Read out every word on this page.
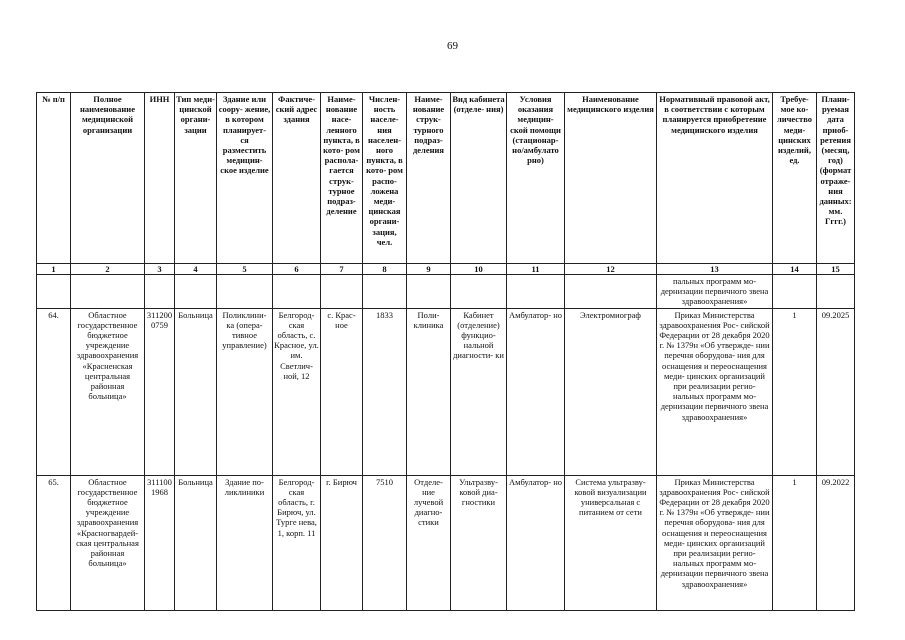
69
№ п/п	Полное наименование медицинской организации	ИНН	Тип меди- цинской органи- зации	Здание или соору- жение, в котором планирует- ся разместить медицин- ское изделие	Фактиче- ский адрес здания	Наиме- нование насе- ленного пункта, в кото- ром распола- гается струк- турное подраз- деление	Числен- ность населе- ния населен- ного пункта, в кото- ром распо- ложена меди- цинская органи- зация, чел.	Наиме- нование струк- турного подраз- деления	Вид кабинета (отделе- ния)	Условия оказания медицин- ской помощи (стационар- но/амбулато рно)	Наименование медицинского изделия	Нормативный правовой акт, в соответствии с которым планируется приобретение медицинского изделия	Требуе- мое ко- личество меди- цинских изделий, ед.	Плани- руемая дата приоб- ретения (месяц, год) (формат отраже- ния данных: мм. Гггг.)
1	2	3	4	5	6	7	8	9	10	11	12	13	14	15
												пальных программ мо- дернизации первичного звена здравоохранения»		
64.	Областное государственное бюджетное учреждение здравоохранения «Красненская центральная районная больница»	3112000759	Больница	Поликлини- ка (опера- тивное управление)	Белгород- ская область, с. Красное, ул. им. Светлич- ной, 12	с. Крас- ное	1833	Поли- клиника	Кабинет (отделение) функцио- нальной диагности- ки	Амбулатор- но	Электромиограф	Приказ Министерства здравоохранения Рос- сийской Федерации от 28 декабря 2020 г. № 1379н «Об утвержде- нии перечня оборудова- ния для оснащения и переоснащения меди- цинских организаций при реализации регио- нальных программ мо- дернизации первичного звена здравоохранения»	1	09.2025
65.	Областное государственное бюджетное учреждение здравоохранения «Красногвардей- ская центральная районная больница»	3111001968	Больница	Здание по- ликлиники	Белгород- ская область, г. Бирюч, ул. Тургe нева, 1, корп. 11	г. Бирюч	7510	Отделе- ние лучевой диагно- стики	Ультразву- ковой диа- гностики	Амбулатор- но	Система ультразву- ковой визуализации универсальная с питанием от сети	Приказ Министерства здравоохранения Рос- сийской Федерации от 28 декабря 2020 г. № 1379н «Об утвержде- нии перечня оборудова- ния для оснащения и переоснащения меди- цинских организаций при реализации регио- нальных программ мо- дернизации первичного звена здравоохранения»	1	09.2022
